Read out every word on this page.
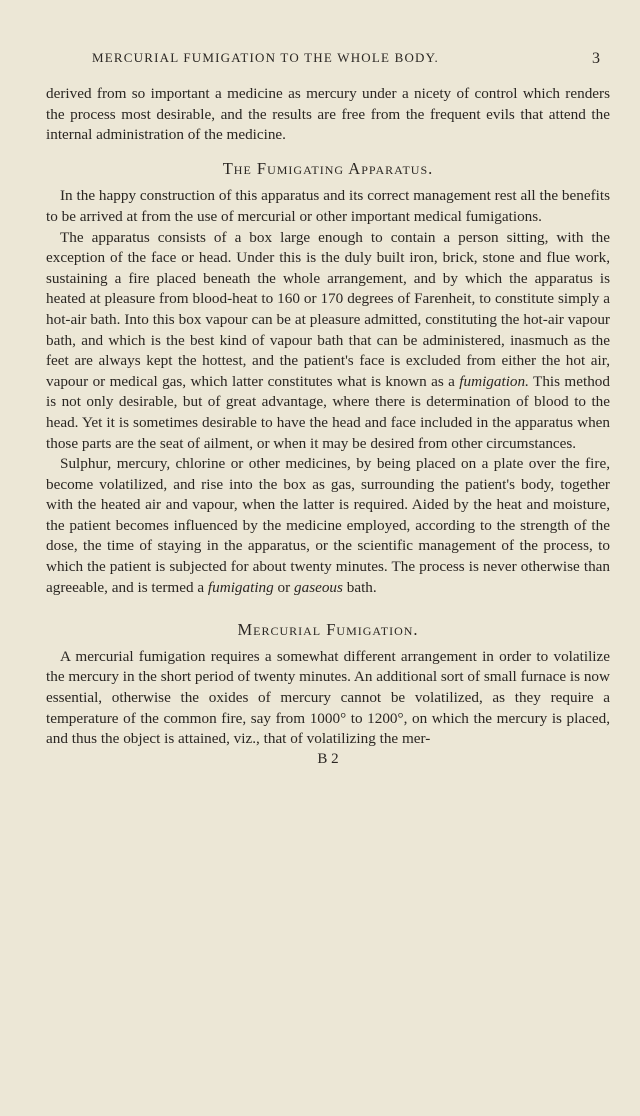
MERCURIAL FUMIGATION TO THE WHOLE BODY.	3

derived from so important a medicine as mercury under a nicety of control which renders the process most desirable, and the results are free from the frequent evils that attend the internal administration of the medicine.

The Fumigating Apparatus.

In the happy construction of this apparatus and its correct management rest all the benefits to be arrived at from the use of mercurial or other important medical fumigations.

The apparatus consists of a box large enough to contain a person sitting, with the exception of the face or head. Under this is the duly built iron, brick, stone and flue work, sustaining a fire placed beneath the whole arrangement, and by which the apparatus is heated at pleasure from blood-heat to 160 or 170 degrees of Farenheit, to constitute simply a hot-air bath. Into this box vapour can be at pleasure admitted, constituting the hot-air vapour bath, and which is the best kind of vapour bath that can be administered, inasmuch as the feet are always kept the hottest, and the patient's face is excluded from either the hot air, vapour or medical gas, which latter constitutes what is known as a fumigation. This method is not only desirable, but of great advantage, where there is determination of blood to the head. Yet it is sometimes desirable to have the head and face included in the apparatus when those parts are the seat of ailment, or when it may be desired from other circumstances.

Sulphur, mercury, chlorine or other medicines, by being placed on a plate over the fire, become volatilized, and rise into the box as gas, surrounding the patient's body, together with the heated air and vapour, when the latter is required. Aided by the heat and moisture, the patient becomes influenced by the medicine employed, according to the strength of the dose, the time of staying in the apparatus, or the scientific management of the process, to which the patient is subjected for about twenty minutes. The process is never otherwise than agreeable, and is termed a fumigating or gaseous bath.

Mercurial Fumigation.

A mercurial fumigation requires a somewhat different arrangement in order to volatilize the mercury in the short period of twenty minutes. An additional sort of small furnace is now essential, otherwise the oxides of mercury cannot be volatilized, as they require a temperature of the common fire, say from 1000° to 1200°, on which the mercury is placed, and thus the object is attained, viz., that of volatilizing the mer-

B 2
